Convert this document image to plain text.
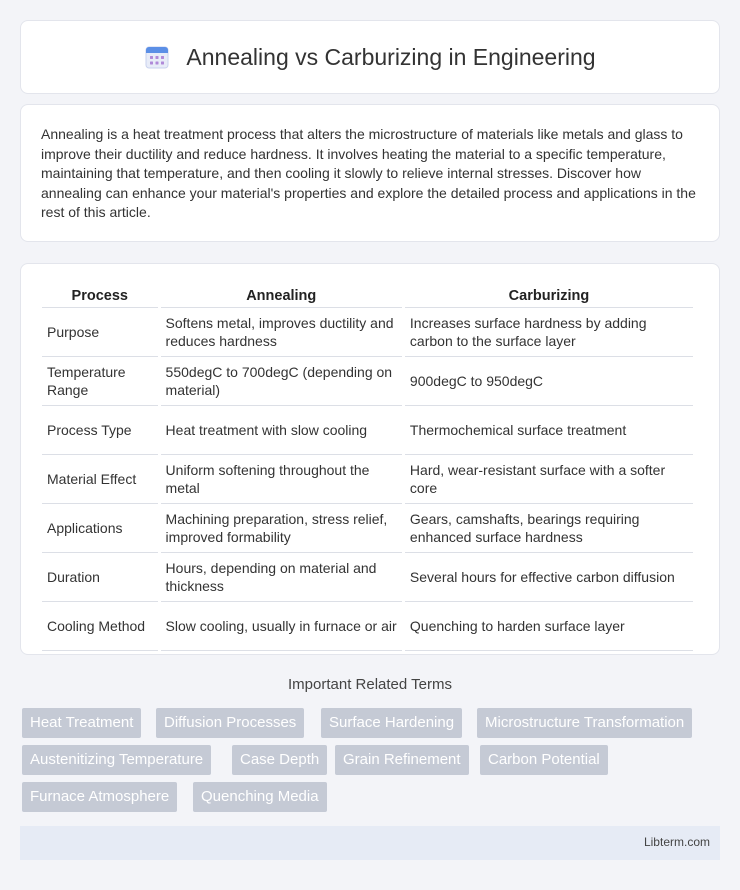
Annealing vs Carburizing in Engineering

Annealing is a heat treatment process that alters the microstructure of materials like metals and glass to improve their ductility and reduce hardness. It involves heating the material to a specific temperature, maintaining that temperature, and then cooling it slowly to relieve internal stresses. Discover how annealing can enhance your material's properties and explore the detailed process and applications in the rest of this article.

Process	Annealing	Carburizing
Purpose	Softens metal, improves ductility and reduces hardness	Increases surface hardness by adding carbon to the surface layer
Temperature Range	550degC to 700degC (depending on material)	900degC to 950degC
Process Type	Heat treatment with slow cooling	Thermochemical surface treatment
Material Effect	Uniform softening throughout the metal	Hard, wear-resistant surface with a softer core
Applications	Machining preparation, stress relief, improved formability	Gears, camshafts, bearings requiring enhanced surface hardness
Duration	Hours, depending on material and thickness	Several hours for effective carbon diffusion
Cooling Method	Slow cooling, usually in furnace or air	Quenching to harden surface layer
Important Related Terms
Heat Treatment	Diffusion Processes	Surface Hardening	Microstructure Transformation
Austenitizing Temperature	Case Depth	Grain Refinement	Carbon Potential
Furnace Atmosphere	Quenching Media
Libterm.com
